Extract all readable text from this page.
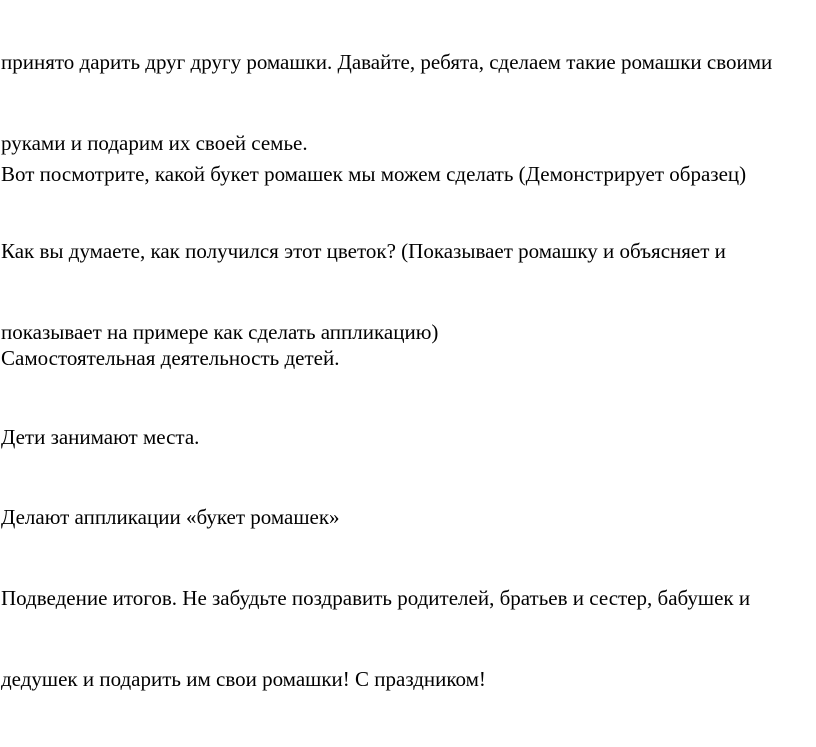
принято дарить друг другу ромашки. Давайте, ребята, сделаем такие ромашки своими

руками и подарим их своей семье.

Вот посмотрите, какой букет ромашек мы можем сделать (Демонстрирует образец)

Как вы думаете, как получился этот цветок? (Показывает ромашку и объясняет и

показывает на примере как сделать аппликацию)

Самостоятельная деятельность детей.

Дети занимают места.

Делают аппликации «букет ромашек»

Подведение итогов. Не забудьте поздравить родителей, братьев и сестер, бабушек и

дедушек и подарить им свои ромашки! С праздником!
